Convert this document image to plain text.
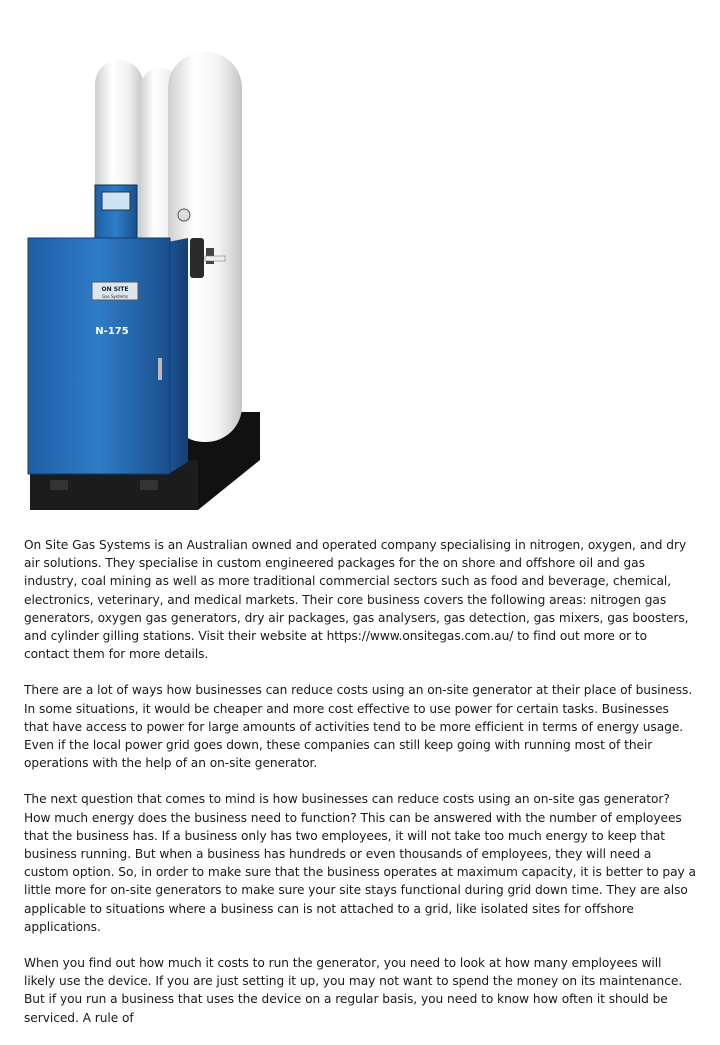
ON SITE
Gas Systems
N-175

On Site Gas Systems is an Australian owned and operated company specialising in nitrogen, oxygen, and dry air solutions. They specialise in custom engineered packages for the on shore and offshore oil and gas industry, coal mining as well as more traditional commercial sectors such as food and beverage, chemical, electronics, veterinary, and medical markets. Their core business covers the following areas: nitrogen gas generators, oxygen gas generators, dry air packages, gas analysers, gas detection, gas mixers, gas boosters, and cylinder gilling stations. Visit their website at https://www.onsitegas.com.au/ to find out more or to contact them for more details.

There are a lot of ways how businesses can reduce costs using an on-site generator at their place of business. In some situations, it would be cheaper and more cost effective to use power for certain tasks. Businesses that have access to power for large amounts of activities tend to be more efficient in terms of energy usage. Even if the local power grid goes down, these companies can still keep going with running most of their operations with the help of an on-site generator.

The next question that comes to mind is how businesses can reduce costs using an on-site gas generator? How much energy does the business need to function? This can be answered with the number of employees that the business has. If a business only has two employees, it will not take too much energy to keep that business running. But when a business has hundreds or even thousands of employees, they will need a custom option. So, in order to make sure that the business operates at maximum capacity, it is better to pay a little more for on-site generators to make sure your site stays functional during grid down time. They are also applicable to situations where a business can is not attached to a grid, like isolated sites for offshore applications.

When you find out how much it costs to run the generator, you need to look at how many employees will likely use the device. If you are just setting it up, you may not want to spend the money on its maintenance. But if you run a business that uses the device on a regular basis, you need to know how often it should be serviced. A rule of
